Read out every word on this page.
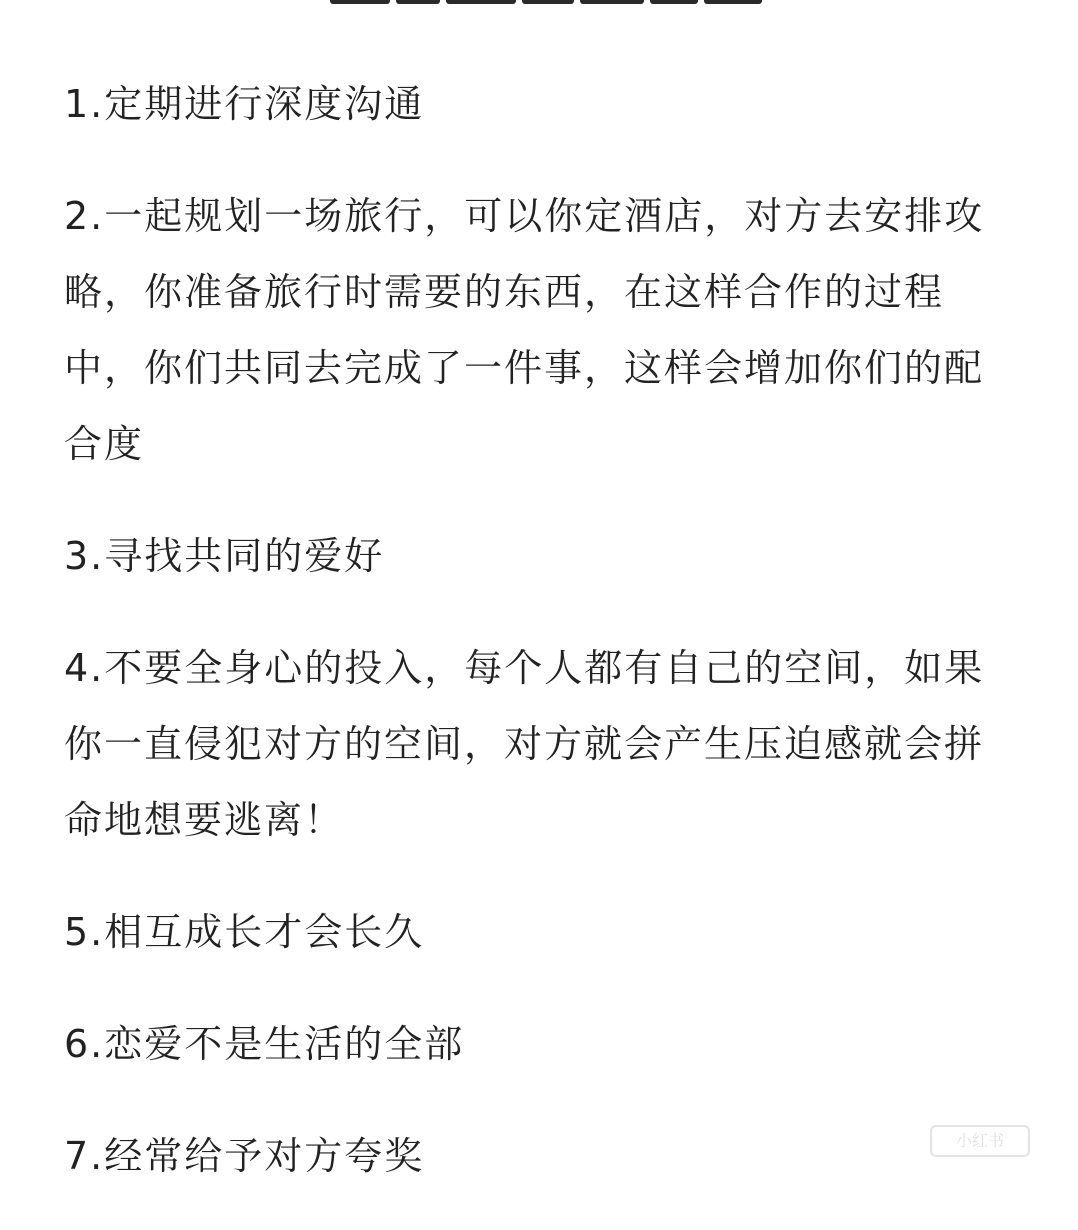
1.定期进行深度沟通
2.一起规划一场旅行，可以你定酒店，对方去安排攻略，你准备旅行时需要的东西，在这样合作的过程中，你们共同去完成了一件事，这样会增加你们的配合度
3.寻找共同的爱好
4.不要全身心的投入，每个人都有自己的空间，如果你一直侵犯对方的空间，对方就会产生压迫感就会拼命地想要逃离！
5.相互成长才会长久
6.恋爱不是生活的全部
7.经常给予对方夸奖	小红书
